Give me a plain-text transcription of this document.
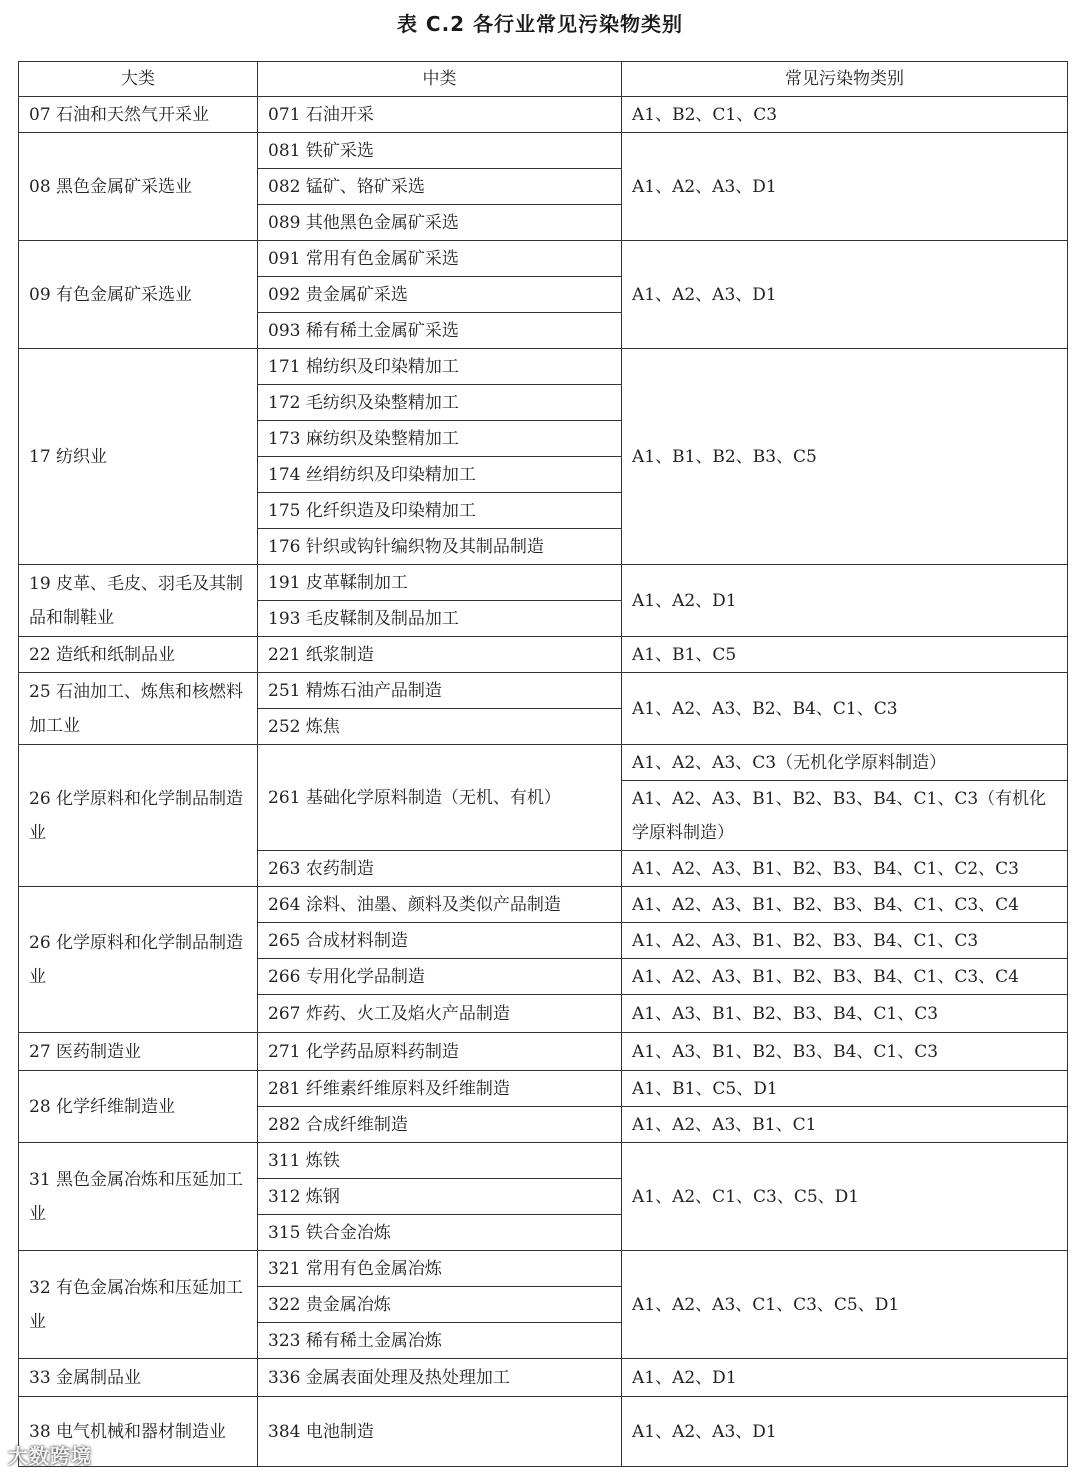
表 C.2 各行业常见污染物类别
大类	中类	常见污染物类别
07 石油和天然气开采业	071 石油开采	A1、B2、C1、C3
08 黑色金属矿采选业	081 铁矿采选	A1、A2、A3、D1
	082 锰矿、铬矿采选	
	089 其他黑色金属矿采选	
09 有色金属矿采选业	091 常用有色金属矿采选	A1、A2、A3、D1
	092 贵金属矿采选	
	093 稀有稀土金属矿采选	
17 纺织业	171 棉纺织及印染精加工	A1、B1、B2、B3、C5
	172 毛纺织及染整精加工	
	173 麻纺织及染整精加工	
	174 丝绢纺织及印染精加工	
	175 化纤织造及印染精加工	
	176 针织或钩针编织物及其制品制造	
19 皮革、毛皮、羽毛及其制品和制鞋业	191 皮革鞣制加工	A1、A2、D1
	193 毛皮鞣制及制品加工	
22 造纸和纸制品业	221 纸浆制造	A1、B1、C5
25 石油加工、炼焦和核燃料加工业	251 精炼石油产品制造	A1、A2、A3、B2、B4、C1、C3
	252 炼焦	
26 化学原料和化学制品制造业	261 基础化学原料制造（无机、有机）	A1、A2、A3、C3（无机化学原料制造）
		A1、A2、A3、B1、B2、B3、B4、C1、C3（有机化学原料制造）
	263 农药制造	A1、A2、A3、B1、B2、B3、B4、C1、C2、C3
26 化学原料和化学制品制造业	264 涂料、油墨、颜料及类似产品制造	A1、A2、A3、B1、B2、B3、B4、C1、C3、C4
	265 合成材料制造	A1、A2、A3、B1、B2、B3、B4、C1、C3
	266 专用化学品制造	A1、A2、A3、B1、B2、B3、B4、C1、C3、C4
	267 炸药、火工及焰火产品制造	A1、A3、B1、B2、B3、B4、C1、C3
27 医药制造业	271 化学药品原料药制造	A1、A3、B1、B2、B3、B4、C1、C3
28 化学纤维制造业	281 纤维素纤维原料及纤维制造	A1、B1、C5、D1
	282 合成纤维制造	A1、A2、A3、B1、C1
31 黑色金属冶炼和压延加工业	311 炼铁	A1、A2、C1、C3、C5、D1
	312 炼钢	
	315 铁合金冶炼	
32 有色金属冶炼和压延加工业	321 常用有色金属冶炼	A1、A2、A3、C1、C3、C5、D1
	322 贵金属冶炼	
	323 稀有稀土金属冶炼	
33 金属制品业	336 金属表面处理及热处理加工	A1、A2、D1
38 电气机械和器材制造业	384 电池制造	A1、A2、A3、D1
大数跨境
